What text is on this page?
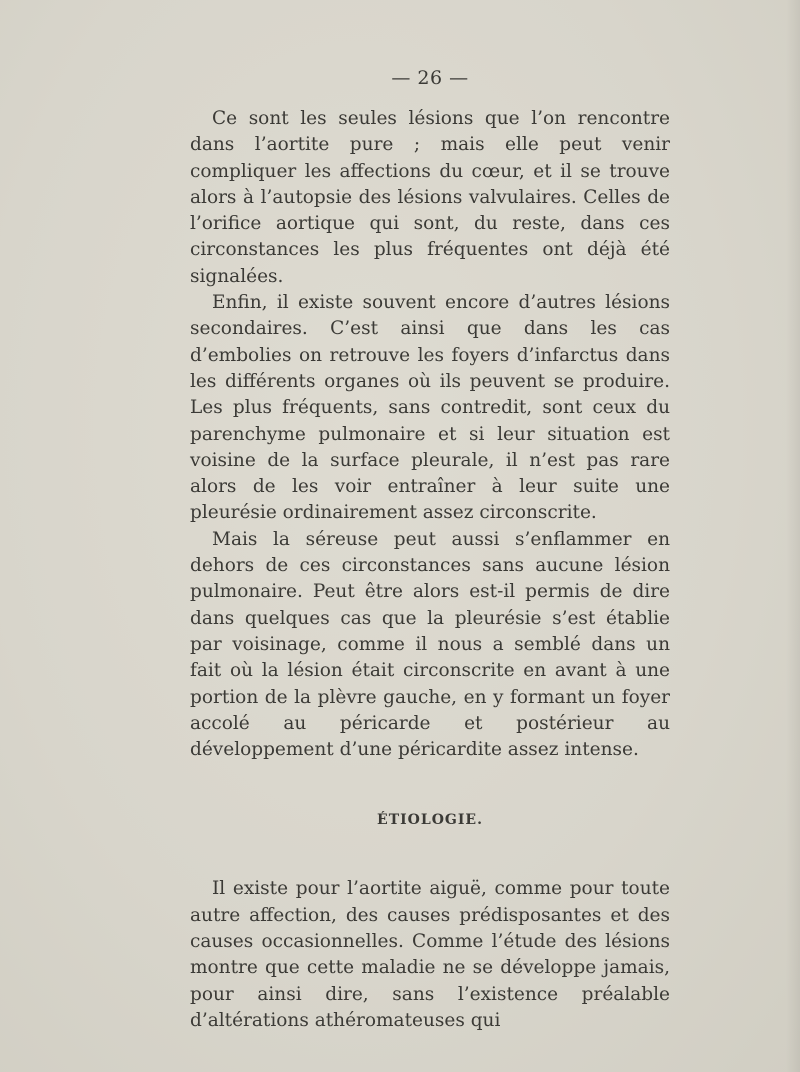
— 26 —

Ce sont les seules lésions que l’on rencontre dans l’aortite pure ; mais elle peut venir compliquer les affections du cœur, et il se trouve alors à l’autopsie des lésions valvulaires. Celles de l’orifice aortique qui sont, du reste, dans ces circonstances les plus fréquentes ont déjà été signalées.

Enfin, il existe souvent encore d’autres lésions secondaires. C’est ainsi que dans les cas d’embolies on retrouve les foyers d’infarctus dans les différents organes où ils peuvent se produire. Les plus fréquents, sans contredit, sont ceux du parenchyme pulmonaire et si leur situation est voisine de la surface pleurale, il n’est pas rare alors de les voir entraîner à leur suite une pleurésie ordinairement assez circonscrite.

Mais la séreuse peut aussi s’enflammer en dehors de ces circonstances sans aucune lésion pulmonaire. Peut être alors est-il permis de dire dans quelques cas que la pleurésie s’est établie par voisinage, comme il nous a semblé dans un fait où la lésion était circonscrite en avant à une portion de la plèvre gauche, en y formant un foyer accolé au péricarde et postérieur au développement d’une péricardite assez intense.

ÉTIOLOGIE.

Il existe pour l’aortite aiguë, comme pour toute autre affection, des causes prédisposantes et des causes occasionnelles. Comme l’étude des lésions montre que cette maladie ne se développe jamais, pour ainsi dire, sans l’existence préalable d’altérations athéromateuses qui
